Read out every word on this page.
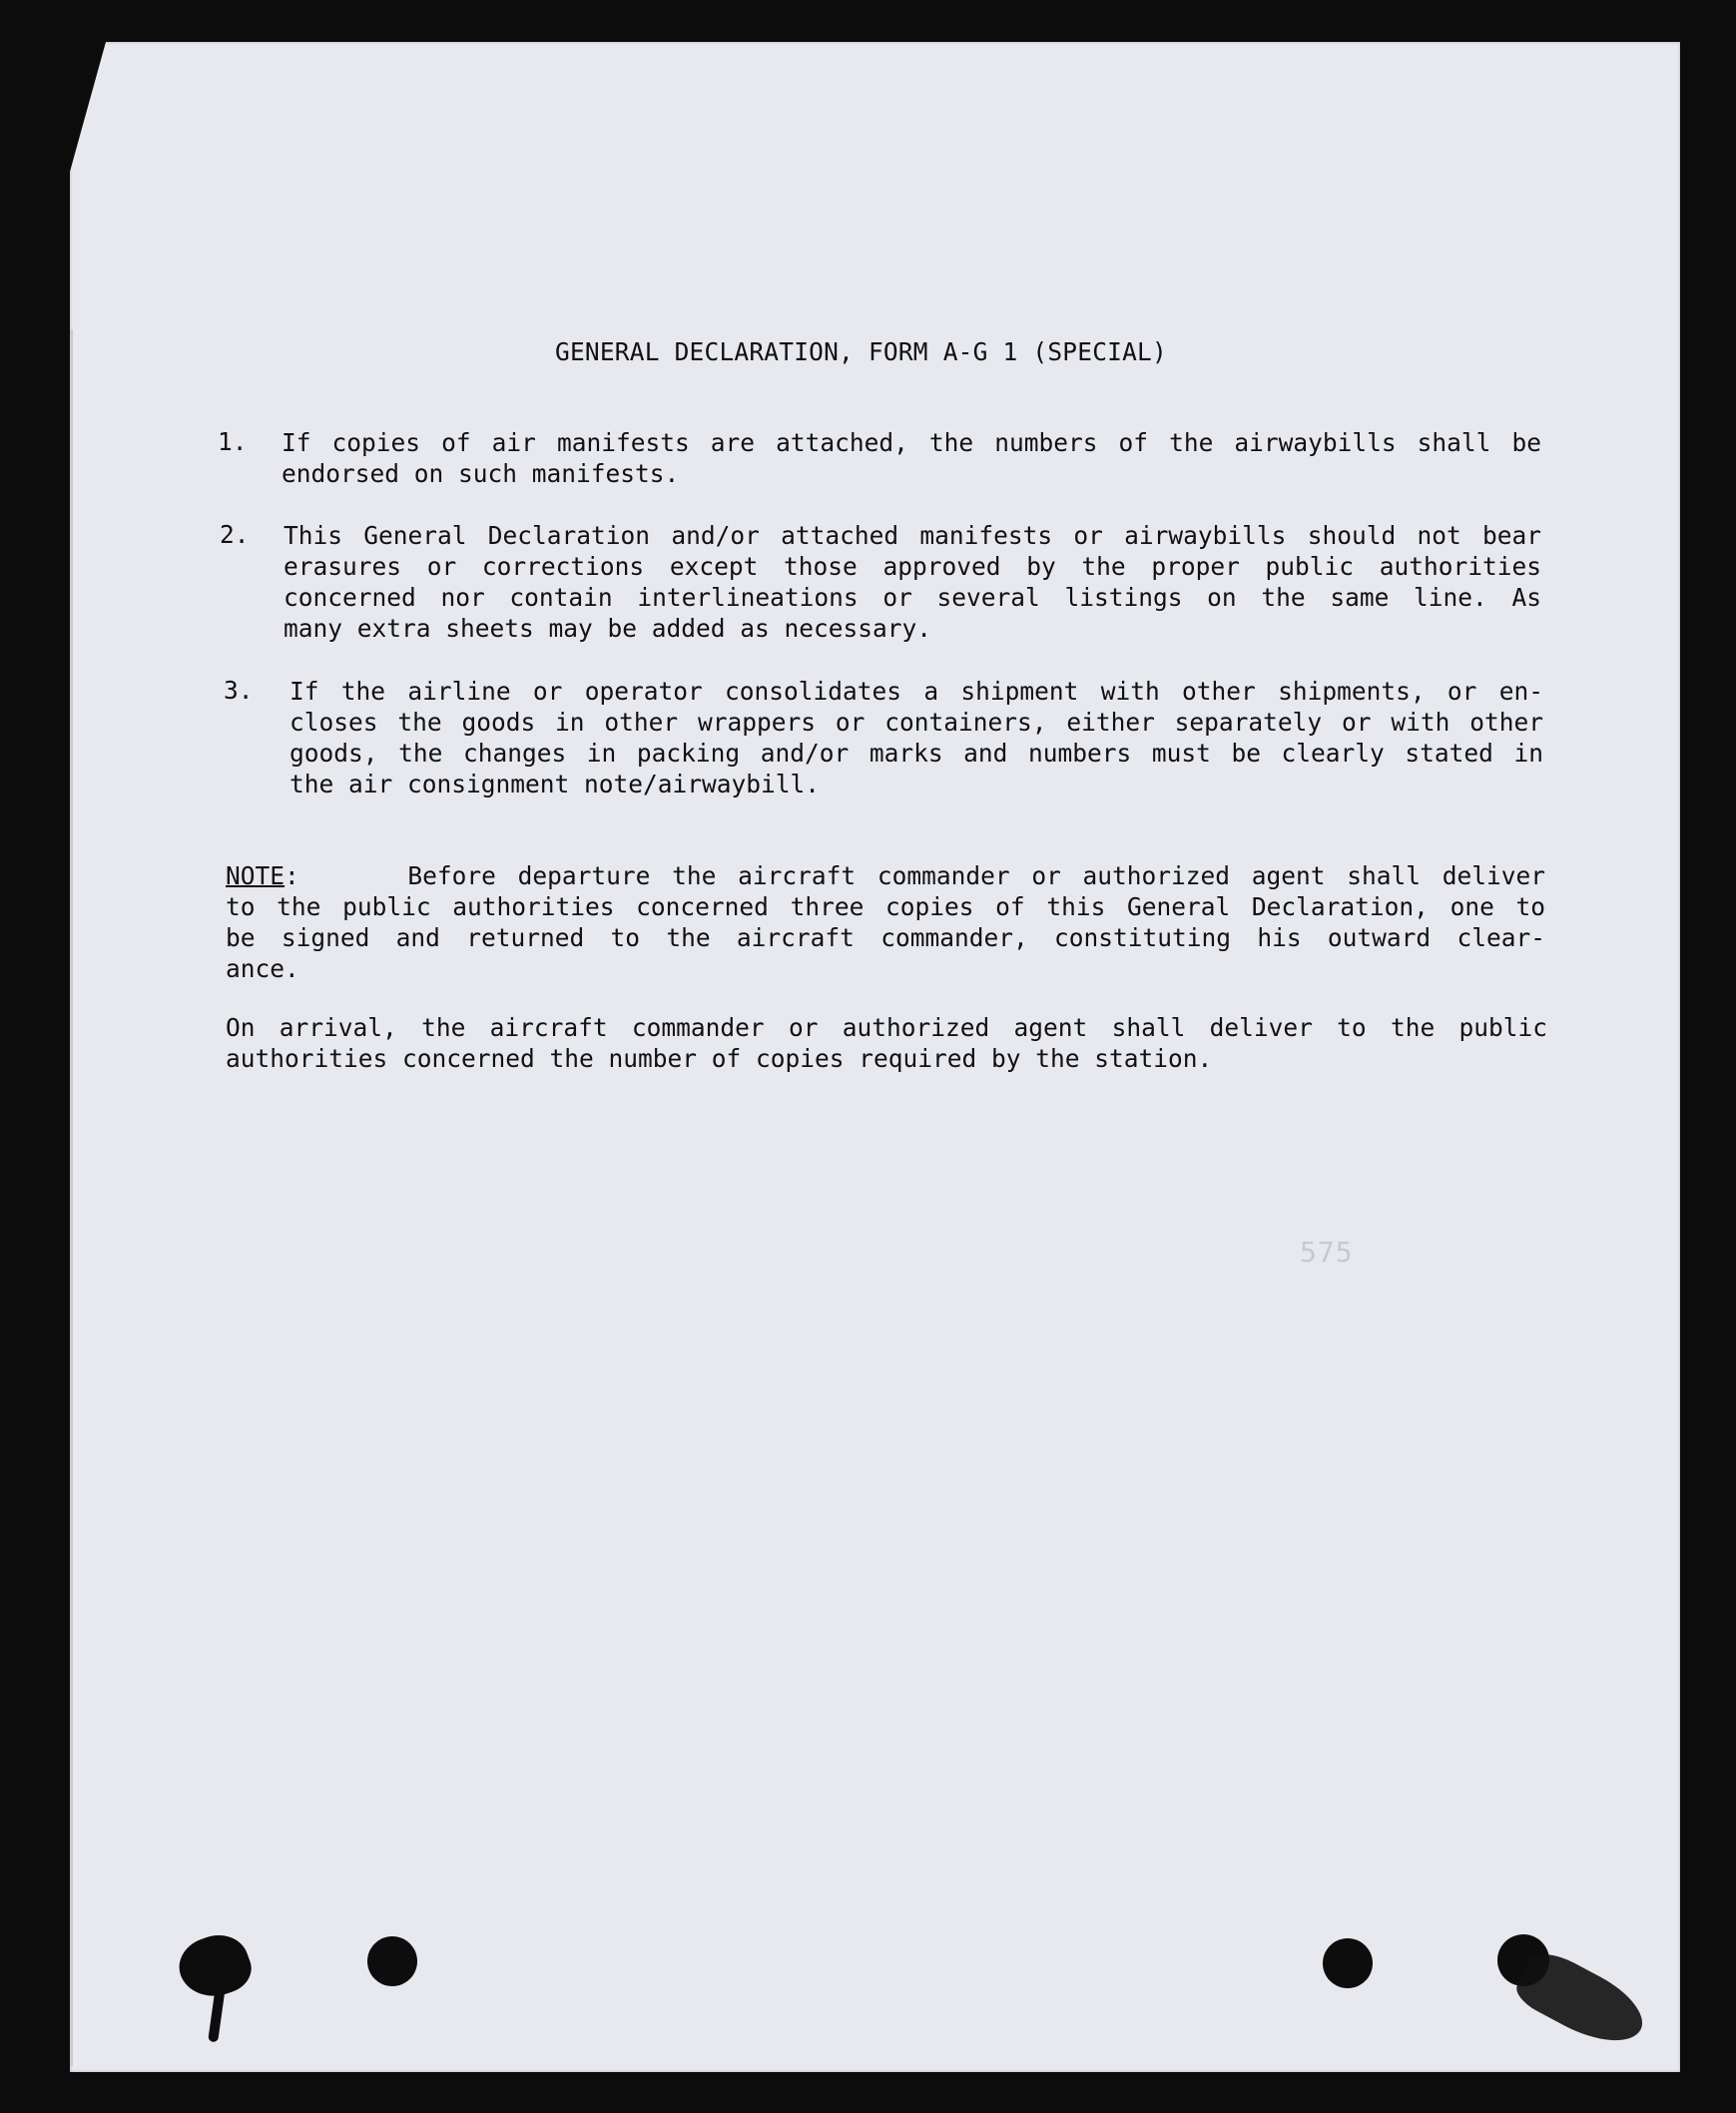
GENERAL DECLARATION, FORM A-G 1 (SPECIAL)
1. If copies of air manifests are attached, the numbers of the airwaybills shall be
endorsed on such manifests.
2. This General Declaration and/or attached manifests or airwaybills should not bear
erasures or corrections except those approved by the proper public authorities
concerned nor contain interlineations or several listings on the same line. As
many extra sheets may be added as necessary.
3. If the airline or operator consolidates a shipment with other shipments, or en-
closes the goods in other wrappers or containers, either separately or with other
goods, the changes in packing and/or marks and numbers must be clearly stated in
the air consignment note/airwaybill.
NOTE:     Before departure the aircraft commander or authorized agent shall deliver
to the public authorities concerned three copies of this General Declaration, one to
be signed and returned to the aircraft commander, constituting his outward clear-
ance.
On arrival, the aircraft commander or authorized agent shall deliver to the public
authorities concerned the number of copies required by the station.
575
